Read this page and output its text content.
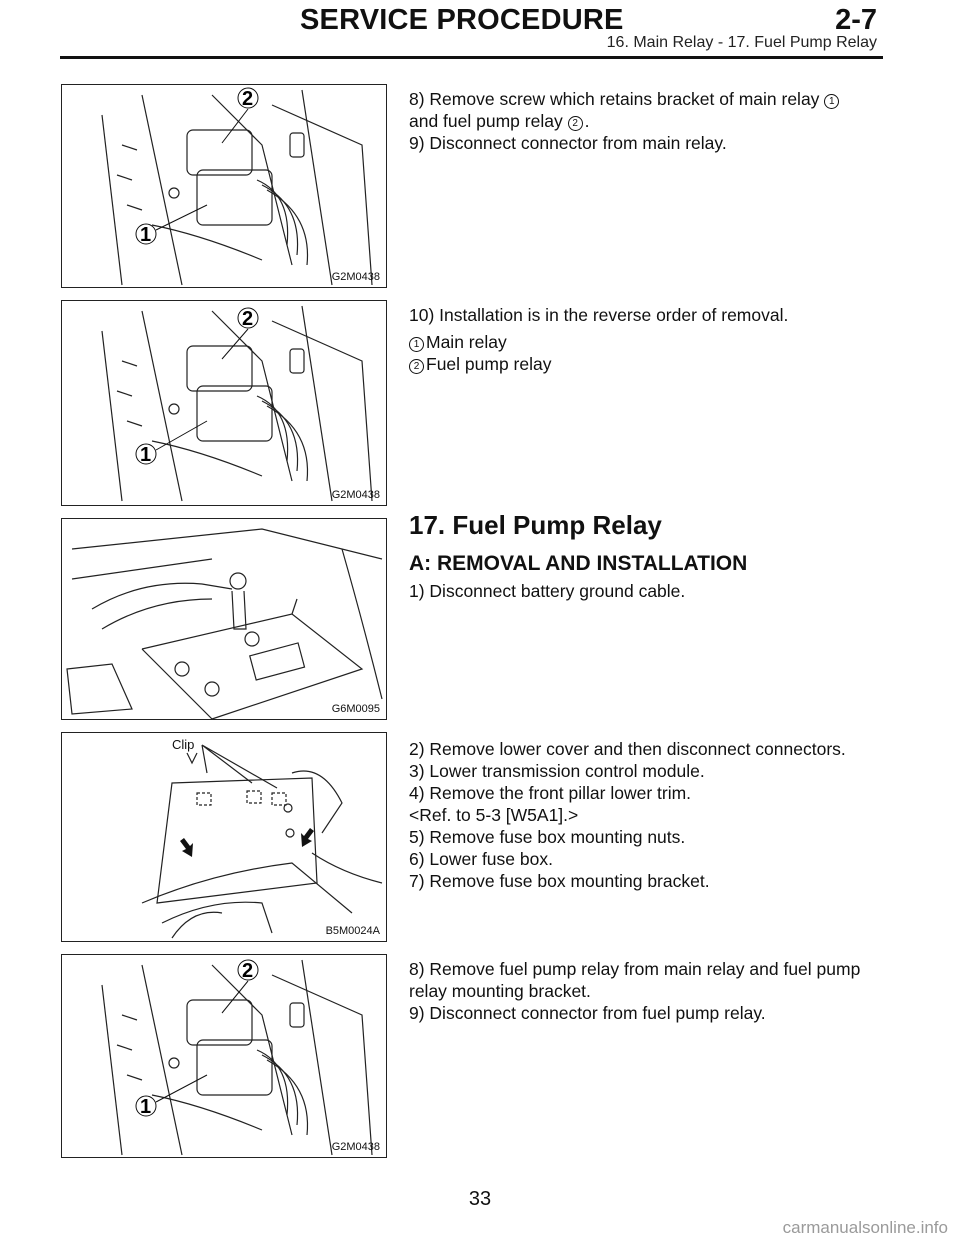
SERVICE PROCEDURE	2-7
16. Main Relay - 17. Fuel Pump Relay
2
1
G2M0438

8) Remove screw which retains bracket of main relay 1

and fuel pump relay 2 .

9) Disconnect connector from main relay.

2
1
G2M0438

10) Installation is in the reverse order of removal.

1 Main relay

2 Fuel pump relay

G6M0095
17. Fuel Pump Relay
A: REMOVAL AND INSTALLATION

1) Disconnect battery ground cable.

Clip
B5M0024A

2) Remove lower cover and then disconnect connectors.

3) Lower transmission control module.

4) Remove the front pillar lower trim.

<Ref. to 5-3 [W5A1].>

5) Remove fuse box mounting nuts.

6) Lower fuse box.

7) Remove fuse box mounting bracket.

2
1
G2M0438

8) Remove fuel pump relay from main relay and fuel pump

relay mounting bracket.

9) Disconnect connector from fuel pump relay.

33
carmanualsonline.info
